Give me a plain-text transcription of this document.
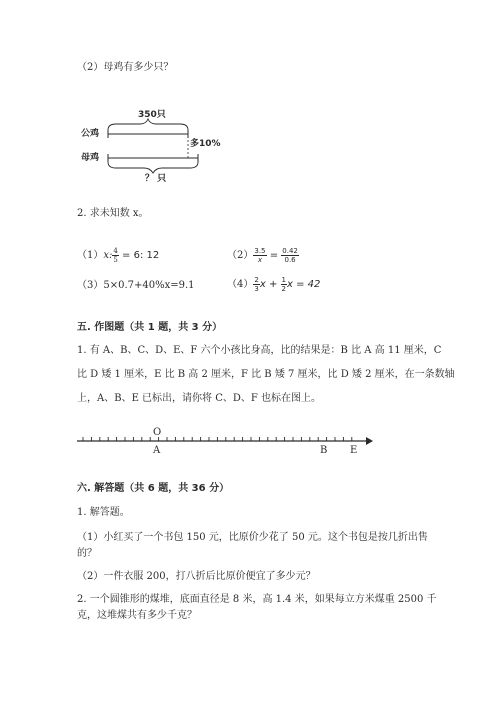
（2）母鸡有多少只？
350只
公鸡
母鸡
多10%
？ 只
2. 求未知数 x。
（1）x: $\frac{4}{5} = 6$: 12	$(2) \frac{3.5}{x} = \frac{0.42}{0.6}$
（3）5×0.7+40%x=9.1	$(4) \frac{2}{3}$ $x + \frac{1}{2}$ x = 42
五. 作图题（共 1 题，共 3 分）
1. 有 A、B、C、D、E、F 六个小孩比身高，比的结果是：B 比 A 高 11 厘米，C
比 D 矮 1 厘米，E 比 B 高 2 厘米，F 比 B 矮 7 厘米，比 D 矮 2 厘米，在一条数轴
上，A、B、E 已标出，请你将 C、D、F 也标在图上。
O
A	B E
六. 解答题（共 6 题，共 36 分）
1. 解答题。
（1）小红买了一个书包 150 元，比原价少花了 50 元。这个书包是按几折出售
的？
（2）一件衣服 200，打八折后比原价便宜了多少元？
2. 一个圆锥形的煤堆，底面直径是 8 米，高 1.4 米，如果每立方米煤重 2500 千
克，这堆煤共有多少千克？
